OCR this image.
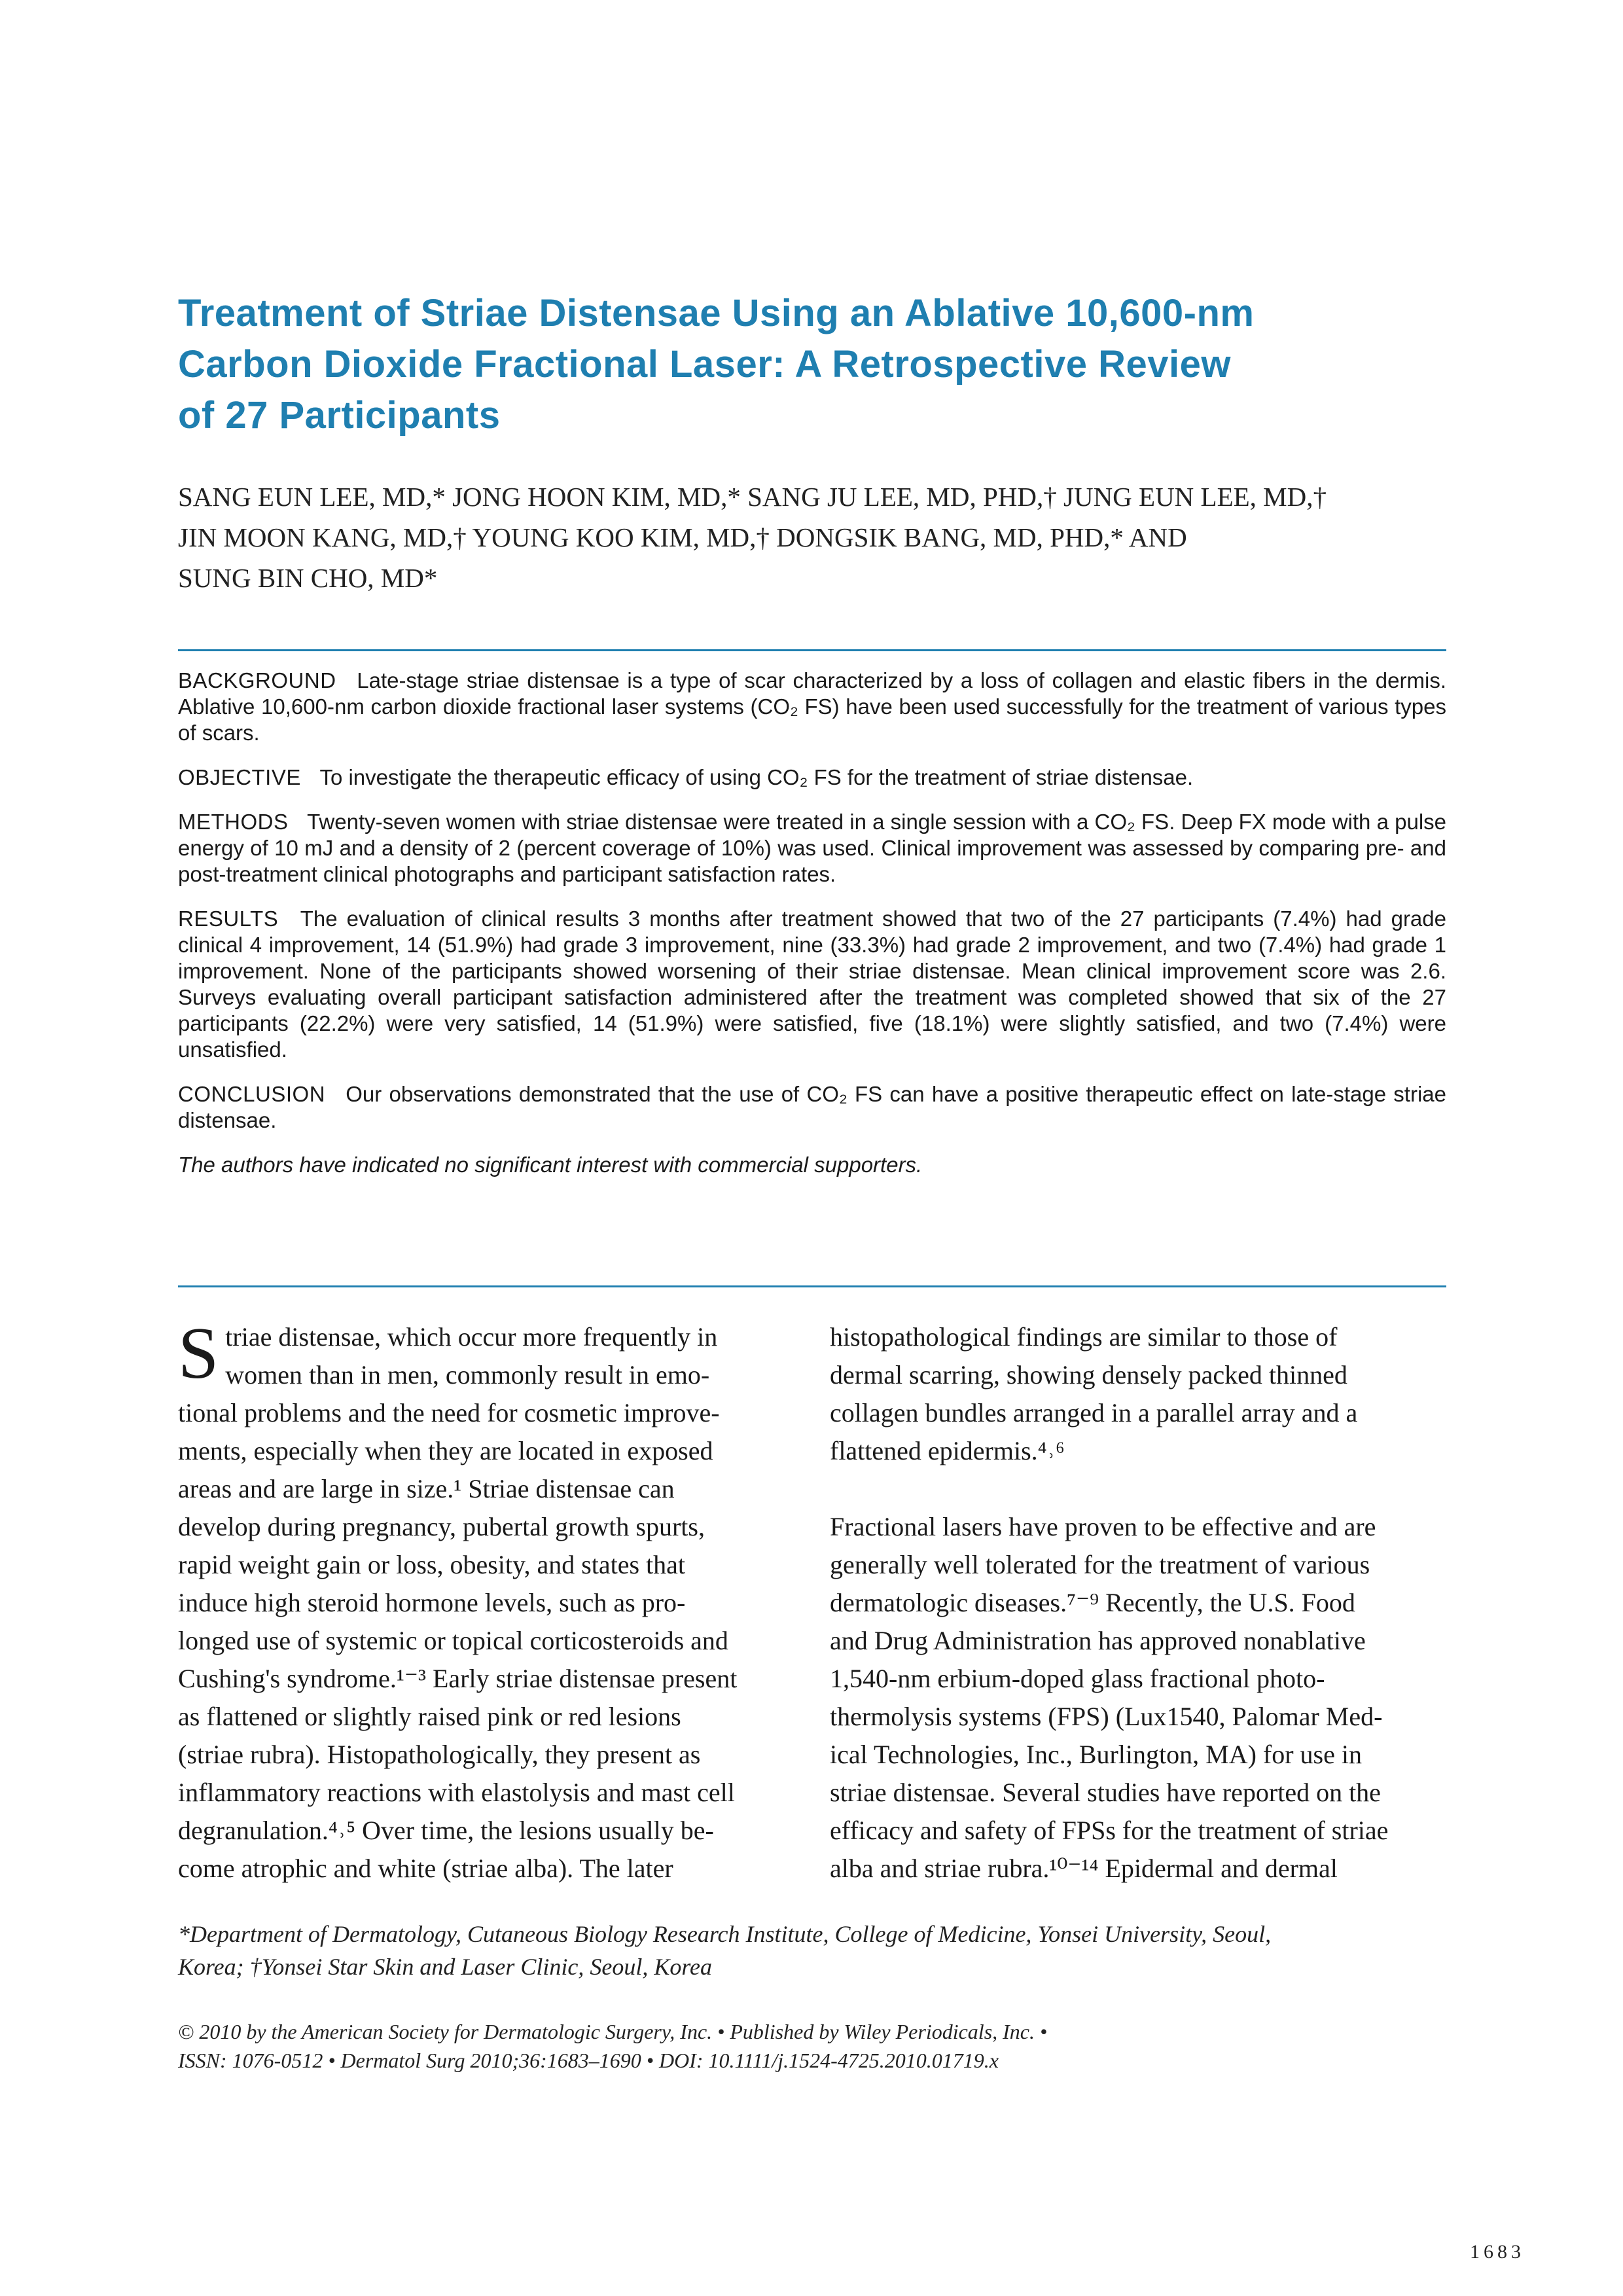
Treatment of Striae Distensae Using an Ablative 10,600-nm
Carbon Dioxide Fractional Laser: A Retrospective Review
of 27 Participants
SANG EUN LEE, MD,* JONG HOON KIM, MD,* SANG JU LEE, MD, PHD,† JUNG EUN LEE, MD,†
JIN MOON KANG, MD,† YOUNG KOO KIM, MD,† DONGSIK BANG, MD, PHD,* AND
SUNG BIN CHO, MD*

BACKGROUND Late-stage striae distensae is a type of scar characterized by a loss of collagen and elastic fibers in the dermis. Ablative 10,600-nm carbon dioxide fractional laser systems (CO₂ FS) have been used successfully for the treatment of various types of scars.

OBJECTIVE To investigate the therapeutic efficacy of using CO₂ FS for the treatment of striae distensae.

METHODS Twenty-seven women with striae distensae were treated in a single session with a CO₂ FS. Deep FX mode with a pulse energy of 10 mJ and a density of 2 (percent coverage of 10%) was used. Clinical improvement was assessed by comparing pre- and post-treatment clinical photographs and participant satisfaction rates.

RESULTS The evaluation of clinical results 3 months after treatment showed that two of the 27 participants (7.4%) had grade clinical 4 improvement, 14 (51.9%) had grade 3 improvement, nine (33.3%) had grade 2 improvement, and two (7.4%) had grade 1 improvement. None of the participants showed worsening of their striae distensae. Mean clinical improvement score was 2.6. Surveys evaluating overall participant satisfaction administered after the treatment was completed showed that six of the 27 participants (22.2%) were very satisfied, 14 (51.9%) were satisfied, five (18.1%) were slightly satisfied, and two (7.4%) were unsatisfied.

CONCLUSION Our observations demonstrated that the use of CO₂ FS can have a positive therapeutic effect on late-stage striae distensae.

The authors have indicated no significant interest with commercial supporters.

S triae distensae, which occur more frequently in
women than in men, commonly result in emo-
tional problems and the need for cosmetic improve-
ments, especially when they are located in exposed
areas and are large in size.¹ Striae distensae can
develop during pregnancy, pubertal growth spurts,
rapid weight gain or loss, obesity, and states that
induce high steroid hormone levels, such as pro-
longed use of systemic or topical corticosteroids and
Cushing's syndrome.¹⁻³ Early striae distensae present
as flattened or slightly raised pink or red lesions
(striae rubra). Histopathologically, they present as
inflammatory reactions with elastolysis and mast cell
degranulation.⁴˒⁵ Over time, the lesions usually be-
come atrophic and white (striae alba). The later
histopathological findings are similar to those of
dermal scarring, showing densely packed thinned
collagen bundles arranged in a parallel array and a
flattened epidermis.⁴˒⁶
Fractional lasers have proven to be effective and are
generally well tolerated for the treatment of various
dermatologic diseases.⁷⁻⁹ Recently, the U.S. Food
and Drug Administration has approved nonablative
1,540-nm erbium-doped glass fractional photo-
thermolysis systems (FPS) (Lux1540, Palomar Med-
ical Technologies, Inc., Burlington, MA) for use in
striae distensae. Several studies have reported on the
efficacy and safety of FPSs for the treatment of striae
alba and striae rubra.¹⁰⁻¹⁴ Epidermal and dermal
*Department of Dermatology, Cutaneous Biology Research Institute, College of Medicine, Yonsei University, Seoul,
Korea; †Yonsei Star Skin and Laser Clinic, Seoul, Korea
© 2010 by the American Society for Dermatologic Surgery, Inc. • Published by Wiley Periodicals, Inc. •
ISSN: 1076-0512 • Dermatol Surg 2010;36:1683–1690 • DOI: 10.1111/j.1524-4725.2010.01719.x
1683
